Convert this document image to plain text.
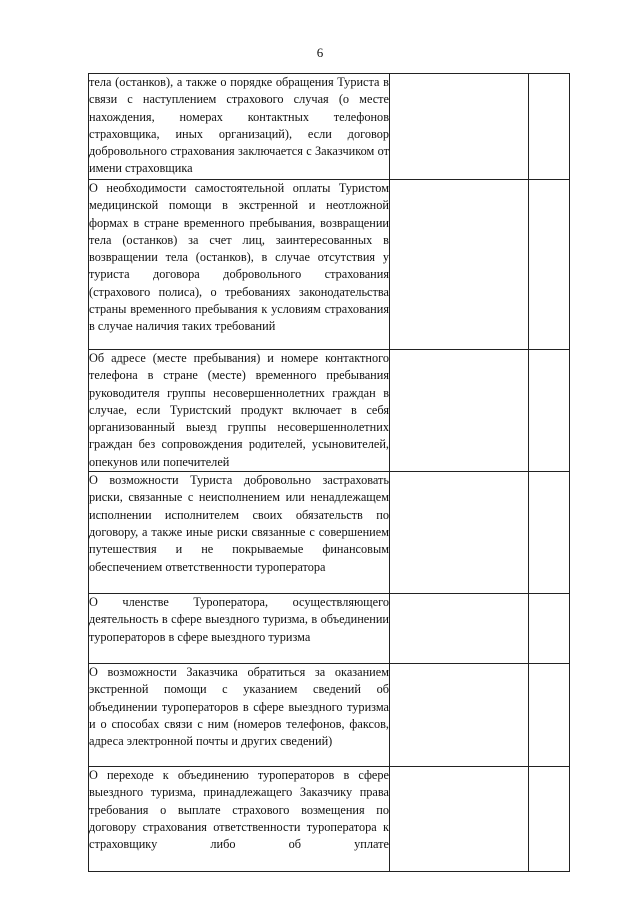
6
тела (останков), а также о порядке обращения Туриста в связи с наступлением страхового случая (о месте нахождения, номерах контактных телефонов страховщика, иных организаций), если договор добровольного страхования заключается с Заказчиком от имени страховщика		

О необходимости самостоятельной оплаты Туристом медицинской помощи в экстренной и неотложной формах в стране временного пребывания, возвращении тела (останков) за счет лиц, заинтересованных в возвращении тела (останков), в случае отсутствия у туриста договора добровольного страхования (страхового полиса), о требованиях законодательства страны временного пребывания к условиям страхования в случае наличия таких требований		

Об адресе (месте пребывания) и номере контактного телефона в стране (месте) временного пребывания руководителя группы несовершеннолетних граждан в случае, если Туристский продукт включает в себя организованный выезд группы несовершеннолетних граждан без сопровождения родителей, усыновителей, опекунов или попечителей		

О возможности Туриста добровольно застраховать риски, связанные с неисполнением или ненадлежащем исполнении исполнителем своих обязательств по договору, а также иные риски связанные с совершением путешествия и не покрываемые финансовым обеспечением ответственности туроператора		

О членстве Туроператора, осуществляющего деятельность в сфере выездного туризма, в объединении туроператоров в сфере выездного туризма		

О возможности Заказчика обратиться за оказанием экстренной помощи с указанием сведений об объединении туроператоров в сфере выездного туризма и о способах связи с ним (номеров телефонов, факсов, адреса электронной почты и других сведений)		

О переходе к объединению туроператоров в сфере выездного туризма, принадлежащего Заказчику права требования о выплате страхового возмещения по договору страхования ответственности туроператора к страховщику либо об уплате		
